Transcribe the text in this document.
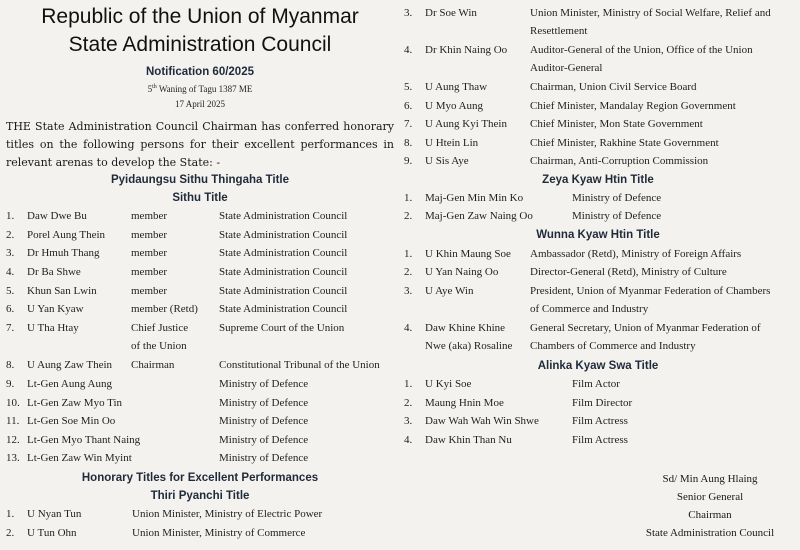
Republic of the Union of Myanmar
State Administration Council
Notification 60/2025
5th Waning of Tagu 1387 ME
17 April 2025
THE State Administration Council Chairman has conferred honorary titles on the following persons for their excellent performances in relevant arenas to develop the State: -
Pyidaungsu Sithu Thingaha Title
Sithu Title
1. Daw Dwe Bu	member	State Administration Council
2. Porel Aung Thein member	State Administration Council
3. Dr Hmuh Thang	member	State Administration Council
4. Dr Ba Shwe	member	State Administration Council
5. Khun San Lwin	member	State Administration Council
6. U Yan Kyaw	member (Retd) State Administration Council
7. U Tha Htay	Chief Justice	Supreme Court of the Union
of the Union
8. U Aung Zaw Thein Chairman	Constitutional Tribunal of the Union
9. Lt-Gen Aung Aung	Ministry of Defence
10. Lt-Gen Zaw Myo Tin	Ministry of Defence
11. Lt-Gen Soe Min Oo	Ministry of Defence
12. Lt-Gen Myo Thant Naing	Ministry of Defence
13. Lt-Gen Zaw Win Myint	Ministry of Defence
Honorary Titles for Excellent Performances
Thiri Pyanchi Title
1. U Nyan Tun	Union Minister, Ministry of Electric Power
2. U Tun Ohn	Union Minister, Ministry of Commerce
3. Dr Soe Win	Union Minister, Ministry of Social Welfare, Relief and
Resettlement
4. Dr Khin Naing Oo Auditor-General of the Union, Office of the Union
Auditor-General
5. U Aung Thaw	Chairman, Union Civil Service Board
6. U Myo Aung	Chief Minister, Mandalay Region Government
7. U Aung Kyi Thein Chief Minister, Mon State Government
8. U Htein Lin	Chief Minister, Rakhine State Government
9. U Sis Aye	Chairman, Anti-Corruption Commission
Zeya Kyaw Htin Title
1. Maj-Gen Min Min Ko	Ministry of Defence
2. Maj-Gen Zaw Naing Oo	Ministry of Defence
Wunna Kyaw Htin Title
1. U Khin Maung Soe Ambassador (Retd), Ministry of Foreign Affairs
2. U Yan Naing Oo	Director-General (Retd), Ministry of Culture
3. U Aye Win	President, Union of Myanmar Federation of Chambers
of Commerce and Industry
4. Daw Khine Khine General Secretary, Union of Myanmar Federation of
Nwe (aka) Rosaline Chambers of Commerce and Industry
Alinka Kyaw Swa Title
1. U Kyi Soe	Film Actor
2. Maung Hnin Moe	Film Director
3. Daw Wah Wah Win Shwe	Film Actress
4. Daw Khin Than Nu	Film Actress
Sd/ Min Aung Hlaing
Senior General
Chairman
State Administration Council
